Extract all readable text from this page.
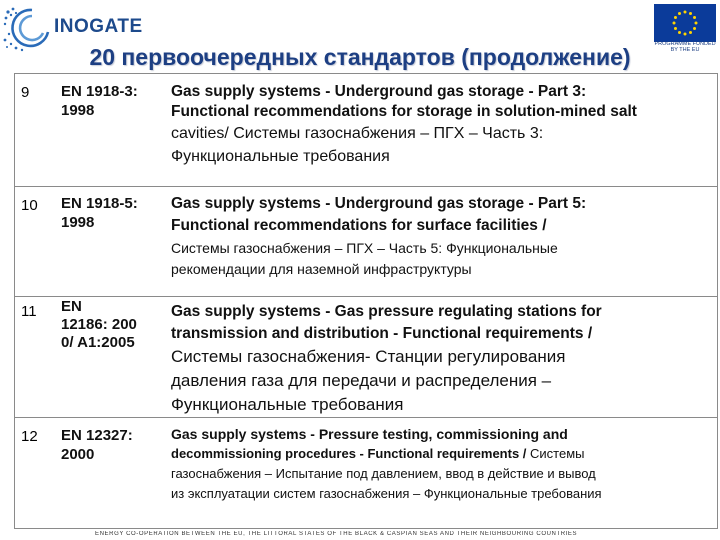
INOGATE
PROGRAMME FUNDED BY THE EU
20 первоочередных стандартов (продолжение)
9 EN 1918-3:
1998
Gas supply systems - Underground gas storage - Part 3:
Functional recommendations for storage in solution-mined salt
cavities/ Системы газоснабжения – ПГХ – Часть 3:
Функциональные требования
10 EN 1918-5:
1998
Gas supply systems - Underground gas storage - Part 5:
Functional recommendations for surface facilities /
Системы газоснабжения – ПГХ – Часть 5: Функциональные
рекомендации для наземной инфраструктуры
11 EN
12186: 200
0/ A1:2005
Gas supply systems - Gas pressure regulating stations for
transmission and distribution - Functional requirements /
Системы газоснабжения- Станции регулирования
давления газа для передачи и распределения –
Функциональные требования
12 EN 12327:
2000
Gas supply systems - Pressure testing, commissioning and
decommissioning procedures - Functional requirements / Системы
газоснабжения – Испытание под давлением, ввод в действие и вывод
из эксплуатации систем газоснабжения – Функциональные требования
ENERGY CO-OPERATION BETWEEN THE EU, THE LITTORAL STATES OF THE BLACK & CASPIAN SEAS AND THEIR NEIGHBOURING COUNTRIES
